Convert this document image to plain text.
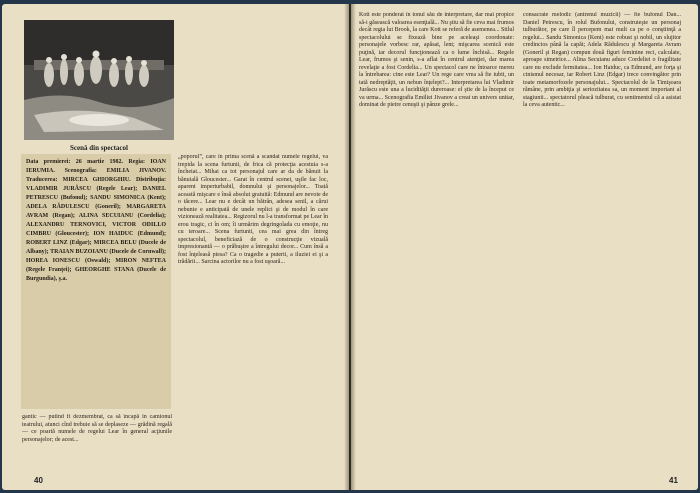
Scenă din spectacol
Data premierei: 26 martie 1982. Regia: IOAN IERUMIA. Scenografia: EMILIA JIVANOV. Traducerea: MIRCEA GHIORGHIU. Distribuţia: VLADIMIR JURĂSCU (Regele Lear); DANIEL PETRESCU (Bufonul); SANDU SIMONICA (Kent); ADELA RĂDULESCU (Goneril); MARGARETA AVRAM (Regan); ALINA SECUIANU (Cordelia); ALEXANDRU TERNOVICI, VICTOR ODILLO CIMBRU (Gloucester); ION HAIDUC (Edmund); ROBERT LINZ (Edgar); MIRCEA BELU (Ducele de Albany); TRAIAN BUZOIANU (Ducele de Cornwall); HOREA IONESCU (Oswald); MIRON NEFTEA (Regele Franţei); GHEORGHE STANA (Ducele de Burgundia), ş.a.

gantic — putînd fi dezmembrat, ca să încapă în camionul teatrului, atunci cînd trebuie să se deplaseze — grădină regală — ce poartă numele de regelui Lear în general acţiunile personajelor; de acest...

„poporul”, care în prima scenă a scandat numele regelui, va trepida la scena furtunii, de frica că protecţia acestuia s-a încheiat... Mihai ca tot personajul care ar da de bănuit la bănuială Gloucester... Garat în centrul scenei, uşile fac loc, aparent imperturbabil, domnului şi personajelor... Toată această mişcare e însă absolut gratuită: Edmund are nevoie de o tăcere... Lear nu e decât un bătrân, adesea senil, a cărui nebunie e anticipată de unele replici şi de modul în care vizionează realitatea... Regizorul nu l-a transformat pe Lear în erou tragic, ci în om; îi urmărim degringolada cu emoţie, nu cu teroare... Scena furtunii, cea mai grea din întreg spectacolul, beneficiază de o construcţie vizuală impresionantă — o prăbuşire a întregului decor... Cum însă a fost înţeleasă piesa? Ca o tragedie a puterii, a iluziei ei şi a trădării... Sarcina actorilor nu a fost uşoară...

40

Kott este ponderat în tonul său de interpretare, dar mai propice să-i găsească valoarea esenţială... Nu ştiu să fie ceva mai frumos decât regia lui Brook, la care Kott se referă de asemenea... Stilul spectacolului se fixează bine pe aceleaşi coordonate: personajele vorbesc rar, apăsat, lent; mişcarea scenică este puţină, iar decorul funcţionează ca o lume închisă... Regele Lear, frumos şi senin, s-a aflat în centrul atenţiei, dar marea revelaţie a fost Cordelia... Un spectacol care ne întoarce mereu la întrebarea: cine este Lear? Un rege care vrea să fie iubit, un tată nedreptăţit, un nebun înţelept?... Interpretarea lui Vladimir Jurăscu este una a lucidităţii dureroase: el ştie de la început ce va urma... Scenografia Emiliei Jivanov a creat un univers unitar, dominat de pietre cenuşii şi pânze grele...

consacrate melodic (antrenul muzicii) — fie bufonul Dan... Daniel Petrescu, în rolul Bufonului, construieşte un personaj tulburător, pe care îl percepem mai mult ca pe o conştiinţă a regelui... Sandu Simonica (Kent) este robust şi nobil, un slujitor credincios până la capăt; Adela Rădulescu şi Margareta Avram (Goneril şi Regan) compun două figuri feminine reci, calculate, aproape simetrice... Alina Secuianu aduce Cordeliei o fragilitate care nu exclude fermitatea... Ion Haiduc, ca Edmund, are forţa şi cinismul necesar, iar Robert Linz (Edgar) trece convingător prin toate metamorfozele personajului... Spectacolul de la Timişoara rămâne, prin ambiţia şi seriozitatea sa, un moment important al stagiunii... spectatorul pleacă tulburat, cu sentimentul că a asistat la ceva autentic...

41
